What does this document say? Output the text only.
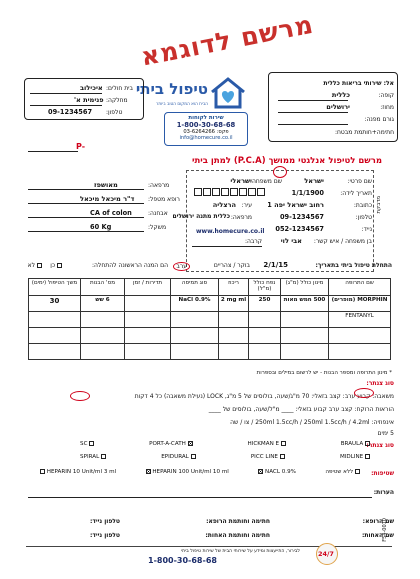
אל: שירותי בריאות כללית
קופה:
כללית
מחוז:
ירושלים
גורם מפנה:
חתימה+חותמת מבטח:
מרשם לדוגמא
טיפול ביתי
הבית הוא המקום הטוב ביותר
שירות לקוחות
1-800-30-68-68
פקס: 03-6264266
info@homecure.co.il
בית חולים:
איכילוב
מחלקה:
פנימית א'
טלפון:
09-1234567
P-
מרשם לטיפול אנלגטי ממושך (P.C.A) למתן ביתי
מדבקת
שם פרטי:
ישראל
שם משפחה:
ישראלי
תאריך לידה:
1/1/1900
כתובת:
רחוב ישראל יפה 1
עיר:
הרצליה
טלפון:
09-1234567
מרפאה:
כללית מתנה ירושלים
נייד:
052-1234567
בן משפחה / איש קשר:
אבי לוי
קרבה:
www.homecure.co.il
מרפאה:
מאושפז
רופא מטפל:
ד"ר מיכאל מיכאל
אבחנה:
CA of colon
משקל:
60 Kg
התחלת טיפול ביתי בתאריך:
2/1/15
בוקר / צהריים
ערב
הם המנה הראשונה להתחלה:
כן
לא
שם התרופה	מינון כולל (מ"ג)	נפח כולל (מ"ל)	ריכוז	סוג תמיסה	תדירות / זמן	מס' הבנות	משך הטיפול (ימים)
MORPHIN (מופרים)	500 חמש מאות	250	2 mg ml	NaCl 0.9%		6 שש	30
FENTANYL							

* מינון התרופה ומספר הבנות - יש לרשום במילים ובספרות
סוג צנתר:
משאבה: קבוע ערב: קצב בזאלי: 70 מ"ג/שעה, בולוסים של 5 מ"ג, LOCK (נעילת משאבה) כל 4 דקות
הוראות הרוקח: קצב ערב קבוע בזאלי: ____ מ"ל/שעה, בולוסים של ____
אינפוזיה: 250ml 1.5cc/h / 250ml 1.5cc/h / 4.2ml / צו / שה
5 ימים
סוג צנתר:
BRAULA
HICKMAN E
PORT-A-CATH
SC
MIDLINE
PICC LINE
EPIDURAL
SPIRAL
שטיפות:
ללא שטיפה
NACL 0.9%
HEPARIN 100 Unit/ml 10 ml
HEPARIN 10 Unit/ml 3 ml
הערות:
שם הרופא:
חתימה וחותמת הרופא:
טלפון נייד:
שם האחות:
חתימה וחותמת האחות:
טלפון נייד:
לבירור, התייעצות ומידע על שירותי הבית של שירות טיפול ביתי
1-800-30-68-68
24/7
F54-0010
